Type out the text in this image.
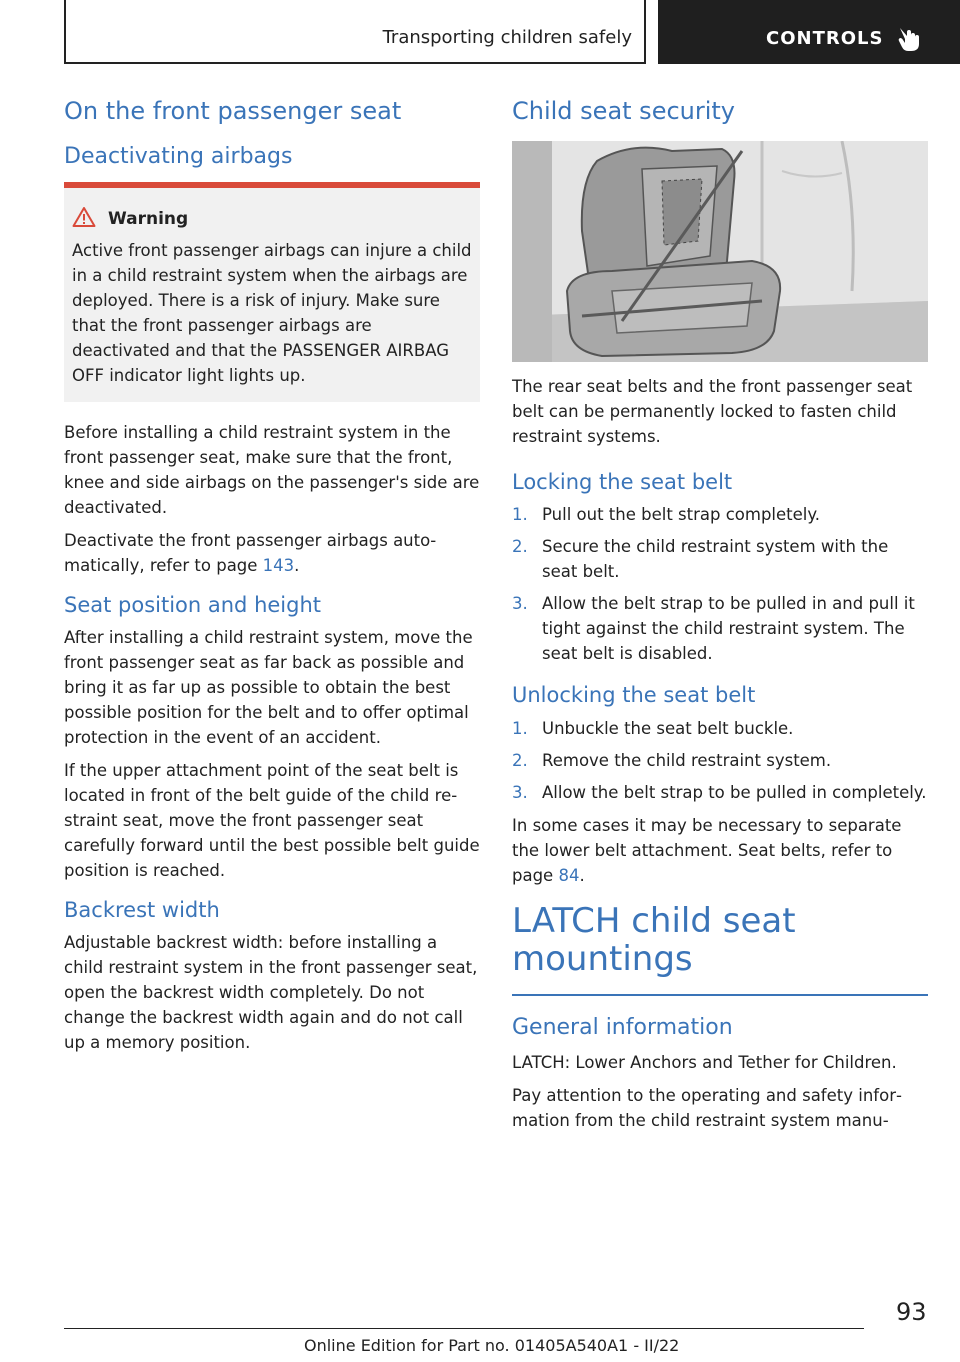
Transporting children safely	CONTROLS
On the front passenger seat
Deactivating airbags
Warning

Active front passenger airbags can injure a child in a child restraint system when the airbags are deployed. There is a risk of injury. Make sure that the front passenger airbags are deactivated and that the PASSENGER AIRBAG OFF indicator light lights up.

Before installing a child restraint system in the front passenger seat, make sure that the front, knee and side airbags on the passenger's side are deactivated.

Deactivate the front passenger airbags automatically, refer to page 143.

Seat position and height

After installing a child restraint system, move the front passenger seat as far back as possible and bring it as far up as possible to obtain the best possible position for the belt and to offer optimal protection in the event of an accident.

If the upper attachment point of the seat belt is located in front of the belt guide of the child restraint seat, move the front passenger seat carefully forward until the best possible belt guide position is reached.

Backrest width

Adjustable backrest width: before installing a child restraint system in the front passenger seat, open the backrest width completely. Do not change the backrest width again and do not call up a memory position.

Child seat security

The rear seat belts and the front passenger seat belt can be permanently locked to fasten child restraint systems.

Locking the seat belt
1. Pull out the belt strap completely.
2. Secure the child restraint system with the seat belt.
3. Allow the belt strap to be pulled in and pull it tight against the child restraint system. The seat belt is disabled.
Unlocking the seat belt
1. Unbuckle the seat belt buckle.
2. Remove the child restraint system.
3. Allow the belt strap to be pulled in completely.

In some cases it may be necessary to separate the lower belt attachment. Seat belts, refer to page 84.

LATCH child seat mountings
General information

LATCH: Lower Anchors and Tether for Children.

Pay attention to the operating and safety information from the child restraint system manu-

93
Online Edition for Part no. 01405A540A1 - II/22
